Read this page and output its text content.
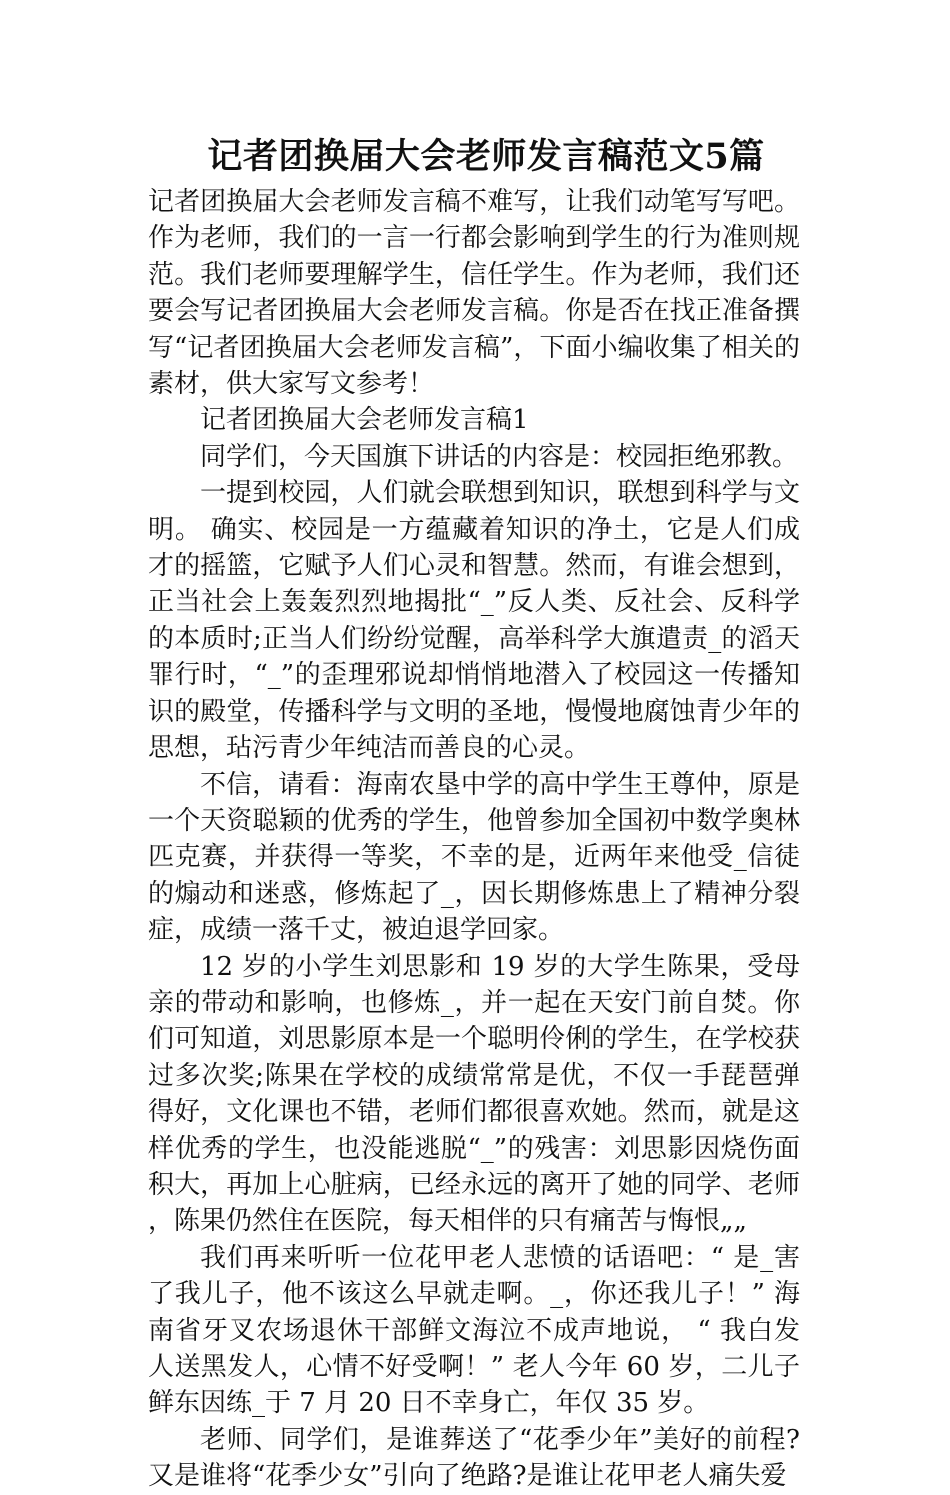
记者团换届大会老师发言稿范文5篇

记者团换届大会老师发言稿不难写，让我们动笔写写吧。作为老师，我们的一言一行都会影响到学生的行为准则规范。我们老师要理解学生，信任学生。作为老师，我们还要会写记者团换届大会老师发言稿。你是否在找正准备撰写“记者团换届大会老师发言稿”，下面小编收集了相关的素材，供大家写文参考！

记者团换届大会老师发言稿1

同学们，今天国旗下讲话的内容是：校园拒绝邪教。

一提到校园，人们就会联想到知识，联想到科学与文明。 确实、校园是一方蕴藏着知识的净土，它是人们成才的摇篮，它赋予人们心灵和智慧。然而，有谁会想到，正当社会上轰轰烈烈地揭批“_”反人类、反社会、反科学的本质时;正当人们纷纷觉醒，高举科学大旗遣责_的滔天罪行时，“_”的歪理邪说却悄悄地潜入了校园这一传播知识的殿堂，传播科学与文明的圣地，慢慢地腐蚀青少年的思想，玷污青少年纯洁而善良的心灵。

不信，请看：海南农垦中学的高中学生王尊仲，原是一个天资聪颖的优秀的学生，他曾参加全国初中数学奥林匹克赛，并获得一等奖，不幸的是，近两年来他受_信徒的煽动和迷惑，修炼起了_，因长期修炼患上了精神分裂症，成绩一落千丈，被迫退学回家。

12 岁的小学生刘思影和 19 岁的大学生陈果，受母亲的带动和影响，也修炼_，并一起在天安门前自焚。你们可知道，刘思影原本是一个聪明伶俐的学生，在学校获过多次奖;陈果在学校的成绩常常是优，不仅一手琵琶弹得好，文化课也不错，老师们都很喜欢她。然而，就是这样优秀的学生，也没能逃脱“_”的残害：刘思影因烧伤面积大，再加上心脏病，已经永远的离开了她的同学、老师，陈果仍然住在医院，每天相伴的只有痛苦与悔恨„„

我们再来听听一位花甲老人悲愤的话语吧：“ 是_害了我儿子，他不该这么早就走啊。_，你还我儿子！” 海南省牙叉农场退休干部鲜文海泣不成声地说， “ 我白发人送黑发人，心情不好受啊！” 老人今年 60 岁，二儿子鲜东因练_于 7 月 20 日不幸身亡，年仅 35 岁。

老师、同学们，是谁葬送了“花季少年”美好的前程?又是谁将“花季少女”引向了绝路?是谁让花甲老人痛失爱
